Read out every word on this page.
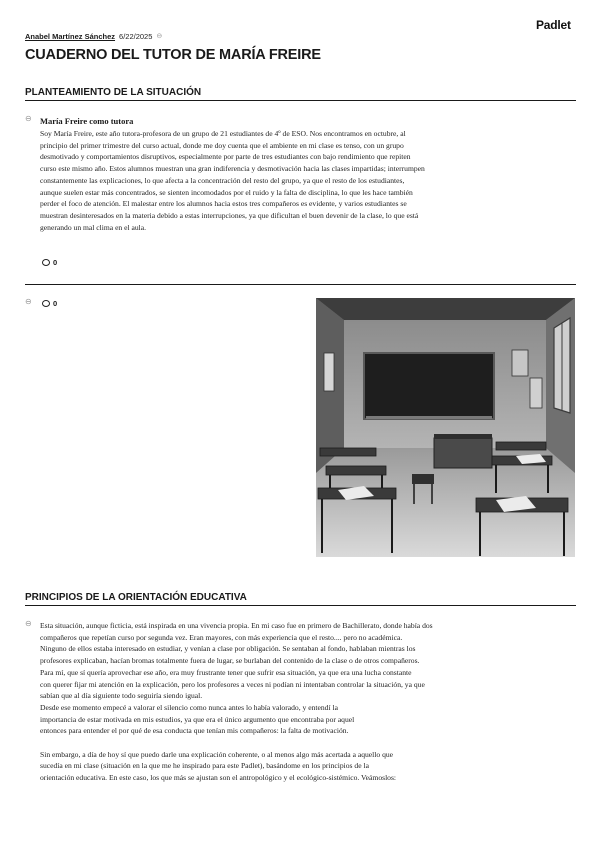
Padlet
Anabel Martínez Sánchez 6/22/2025 ⊖
CUADERNO DEL TUTOR DE MARÍA FREIRE
PLANTEAMIENTO DE LA SITUACIÓN
⊖ María Freire como tutora

Soy María Freire, este año tutora-profesora de un grupo de 21 estudiantes de 4º de ESO. Nos encontramos en octubre, al

principio del primer trimestre del curso actual, donde me doy cuenta que el ambiente en mi clase es tenso, con un grupo

desmotivado y comportamientos disruptivos, especialmente por parte de tres estudiantes con bajo rendimiento que repiten

curso este mismo año. Estos alumnos muestran una gran indiferencia y desmotivación hacia las clases impartidas; interrumpen

constantemente las explicaciones, lo que afecta a la concentración del resto del grupo, ya que el resto de los estudiantes,

aunque suelen estar más concentrados, se sienten incomodados por el ruido y la falta de disciplina, lo que les hace también

perder el foco de atención. El malestar entre los alumnos hacia estos tres compañeros es evidente, y varios estudiantes se

muestran desinteresados en la materia debido a estas interrupciones, ya que dificultan el buen devenir de la clase, lo que está

generando un mal clima en el aula.

0
⊖	0
PRINCIPIOS DE LA ORIENTACIÓN EDUCATIVA
⊖ Esta situación, aunque ficticia, está inspirada en una vivencia propia. En mi caso fue en primero de Bachillerato, donde había dos

compañeros que repetían curso por segunda vez. Eran mayores, con más experiencia que el resto.... pero no académica.

Ninguno de ellos estaba interesado en estudiar, y venían a clase por obligación. Se sentaban al fondo, hablaban mientras los

profesores explicaban, hacían bromas totalmente fuera de lugar, se burlaban del contenido de la clase o de otros compañeros.

Para mí, que sí quería aprovechar ese año, era muy frustrante tener que sufrir esa situación, ya que era una lucha constante

con querer fijar mi atención en la explicación, pero los profesores a veces ni podían ni intentaban controlar la situación, ya que

sabían que al día siguiente todo seguiría siendo igual.

Desde ese momento empecé a valorar el silencio como nunca antes lo había valorado, y entendí la

importancia de estar motivada en mis estudios, ya que era el único argumento que encontraba por aquel

entonces para entender el por qué de esa conducta que tenían mis compañeros: la falta de motivación.

Sin embargo, a día de hoy sí que puedo darle una explicación coherente, o al menos algo más acertada a aquello que

sucedía en mi clase (situación en la que me he inspirado para este Padlet), basándome en los principios de la

orientación educativa. En este caso, los que más se ajustan son el antropológico y el ecológico-sistémico. Veámoslos:
